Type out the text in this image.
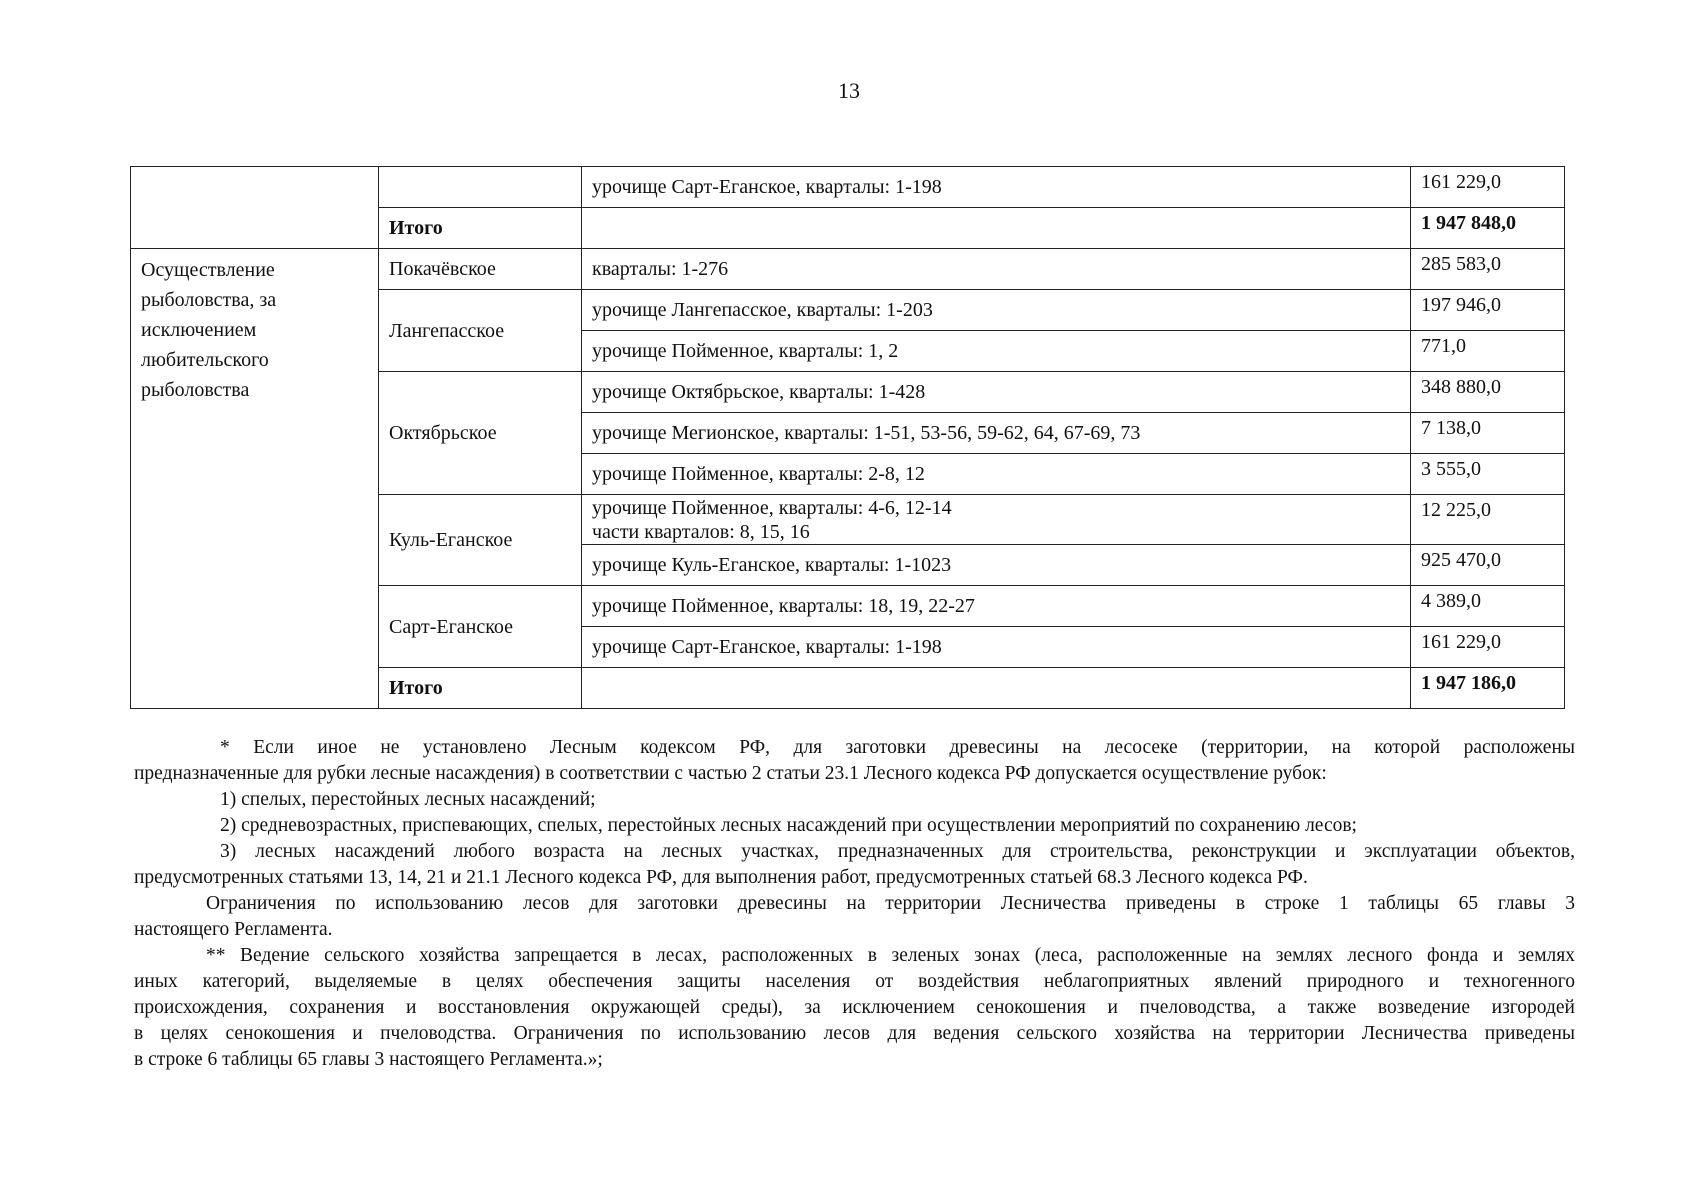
13
		урочище Сарт-Еганское, кварталы: 1-198	161 229,0
	Итого		1 947 848,0
Осуществление рыболовства, за исключением любительского рыболовства	Покачёвское	кварталы: 1-276	285 583,0
	Лангепасское	урочище Лангепасское, кварталы: 1-203	197 946,0
		урочище Пойменное, кварталы: 1, 2	771,0
	Октябрьское	урочище Октябрьское, кварталы: 1-428	348 880,0
		урочище Мегионское, кварталы: 1-51, 53-56, 59-62, 64, 67-69, 73	7 138,0
		урочище Пойменное, кварталы: 2-8, 12	3 555,0
	Куль-Еганское	урочище Пойменное, кварталы: 4-6, 12-14
части кварталов: 8, 15, 16	12 225,0
		урочище Куль-Еганское, кварталы: 1-1023	925 470,0
	Сарт-Еганское	урочище Пойменное, кварталы: 18, 19, 22-27	4 389,0
		урочище Сарт-Еганское, кварталы: 1-198	161 229,0
	Итого		1 947 186,0

* Если иное не установлено Лесным кодексом РФ, для заготовки древесины на лесосеке (территории, на которой расположены

предназначенные для рубки лесные насаждения) в соответствии с частью 2 статьи 23.1 Лесного кодекса РФ допускается осуществление рубок:

1) спелых, перестойных лесных насаждений;

2) средневозрастных, приспевающих, спелых, перестойных лесных насаждений при осуществлении мероприятий по сохранению лесов;

3) лесных насаждений любого возраста на лесных участках, предназначенных для строительства, реконструкции и эксплуатации объектов,

предусмотренных статьями 13, 14, 21 и 21.1 Лесного кодекса РФ, для выполнения работ, предусмотренных статьей 68.3 Лесного кодекса РФ.

Ограничения по использованию лесов для заготовки древесины на территории Лесничества приведены в строке 1 таблицы 65 главы 3

настоящего Регламента.

** Ведение сельского хозяйства запрещается в лесах, расположенных в зеленых зонах (леса, расположенные на землях лесного фонда и землях

иных категорий, выделяемые в целях обеспечения защиты населения от воздействия неблагоприятных явлений природного и техногенного

происхождения, сохранения и восстановления окружающей среды), за исключением сенокошения и пчеловодства, а также возведение изгородей

в целях сенокошения и пчеловодства. Ограничения по использованию лесов для ведения сельского хозяйства на территории Лесничества приведены

в строке 6 таблицы 65 главы 3 настоящего Регламента.»;
